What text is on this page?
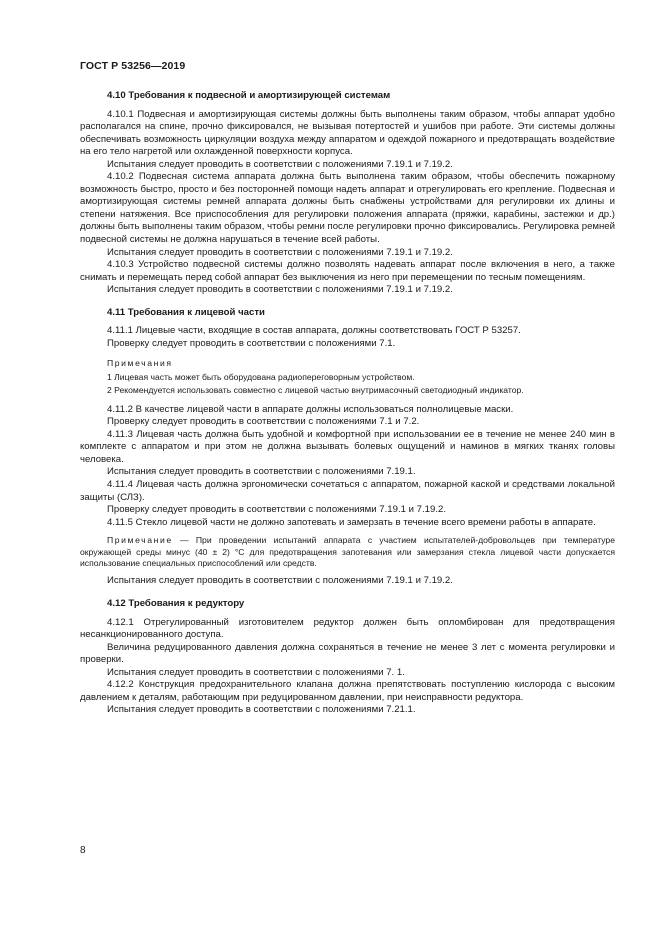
ГОСТ Р 53256—2019

4.10 Требования к подвесной и амортизирующей системам

4.10.1 Подвесная и амортизирующая системы должны быть выполнены таким образом, чтобы аппарат удобно располагался на спине, прочно фиксировался, не вызывая потертостей и ушибов при работе. Эти системы должны обеспечивать возможность циркуляции воздуха между аппаратом и одеждой пожарного и предотвращать воздействие на его тело нагретой или охлажденной поверхности корпуса.

Испытания следует проводить в соответствии с положениями 7.19.1 и 7.19.2.

4.10.2 Подвесная система аппарата должна быть выполнена таким образом, чтобы обеспечить пожарному возможность быстро, просто и без посторонней помощи надеть аппарат и отрегулировать его крепление. Подвесная и амортизирующая системы ремней аппарата должны быть снабжены устройствами для регулировки их длины и степени натяжения. Все приспособления для регулировки положения аппарата (пряжки, карабины, застежки и др.) должны быть выполнены таким образом, чтобы ремни после регулировки прочно фиксировались. Регулировка ремней подвесной системы не должна нарушаться в течение всей работы.

Испытания следует проводить в соответствии с положениями 7.19.1 и 7.19.2.

4.10.3 Устройство подвесной системы должно позволять надевать аппарат после включения в него, а также снимать и перемещать перед собой аппарат без выключения из него при перемещении по тесным помещениям.

Испытания следует проводить в соответствии с положениями 7.19.1 и 7.19.2.

4.11 Требования к лицевой части

4.11.1 Лицевые части, входящие в состав аппарата, должны соответствовать ГОСТ Р 53257.

Проверку следует проводить в соответствии с положениями 7.1.

Примечания

1 Лицевая часть может быть оборудована радиопереговорным устройством.

2 Рекомендуется использовать совместно с лицевой частью внутримасочный светодиодный индикатор.

4.11.2 В качестве лицевой части в аппарате должны использоваться полнолицевые маски.

Проверку следует проводить в соответствии с положениями 7.1 и 7.2.

4.11.3 Лицевая часть должна быть удобной и комфортной при использовании ее в течение не менее 240 мин в комплекте с аппаратом и при этом не должна вызывать болевых ощущений и наминов в мягких тканях головы человека.

Испытания следует проводить в соответствии с положениями 7.19.1.

4.11.4 Лицевая часть должна эргономически сочетаться с аппаратом, пожарной каской и средствами локальной защиты (СЛЗ).

Проверку следует проводить в соответствии с положениями 7.19.1 и 7.19.2.

4.11.5 Стекло лицевой части не должно запотевать и замерзать в течение всего времени работы в аппарате.

Примечание — При проведении испытаний аппарата с участием испытателей-добровольцев при температуре окружающей среды минус (40 ± 2) °С для предотвращения запотевания или замерзания стекла лицевой части допускается использование специальных приспособлений или средств.

Испытания следует проводить в соответствии с положениями 7.19.1 и 7.19.2.

4.12 Требования к редуктору

4.12.1 Отрегулированный изготовителем редуктор должен быть опломбирован для предотвращения несанкционированного доступа.

Величина редуцированного давления должна сохраняться в течение не менее 3 лет с момента регулировки и проверки.

Испытания следует проводить в соответствии с положениями 7. 1.

4.12.2 Конструкция предохранительного клапана должна препятствовать поступлению кислорода с высоким давлением к деталям, работающим при редуцированном давлении, при неисправности редуктора.

Испытания следует проводить в соответствии с положениями 7.21.1.

8
